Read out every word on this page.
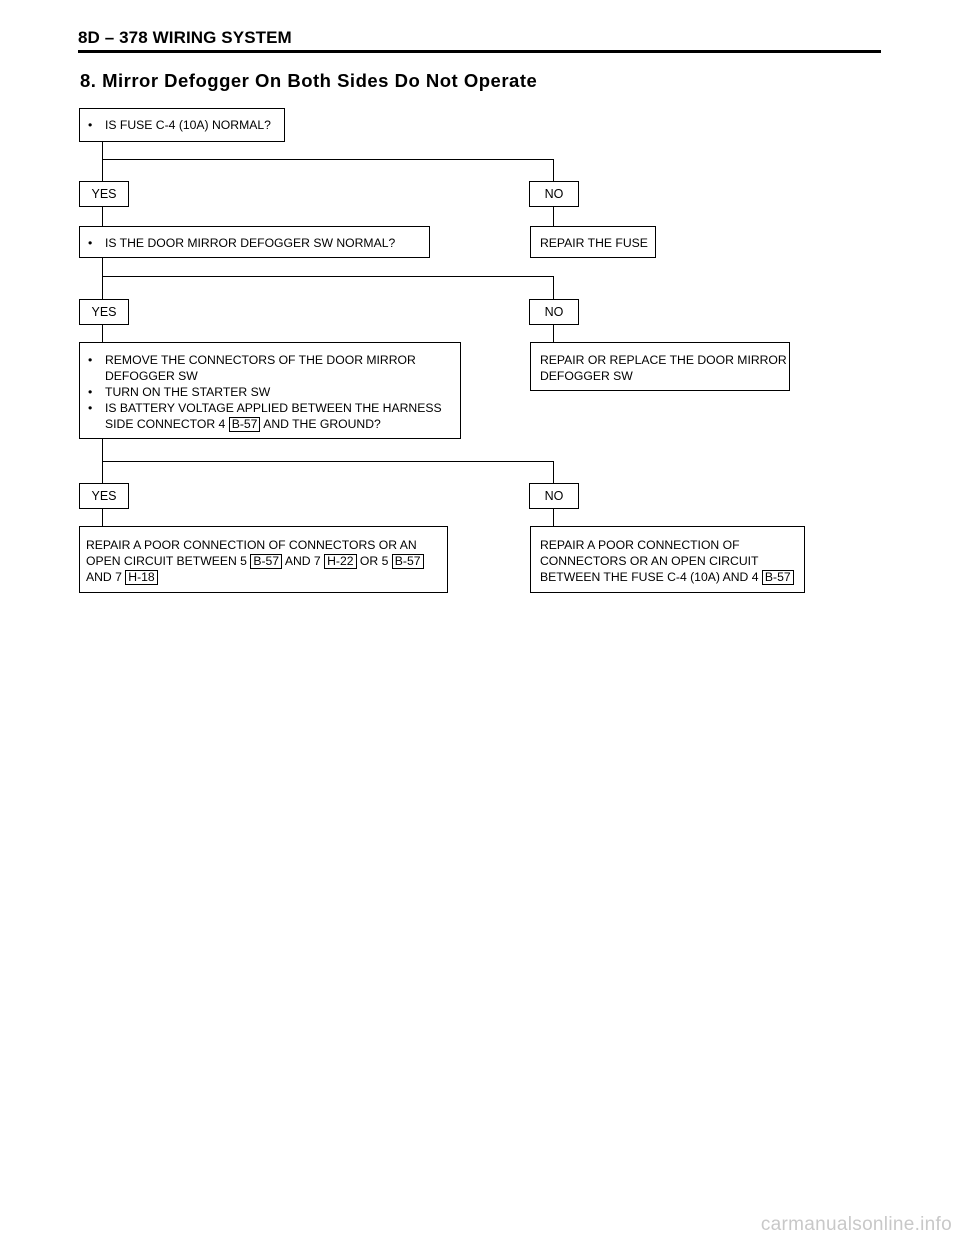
8D – 378 WIRING SYSTEM
8. Mirror Defogger On Both Sides Do Not Operate
• IS FUSE C-4 (10A) NORMAL?
YES	NO
• IS THE DOOR MIRROR DEFOGGER SW NORMAL?	REPAIR THE FUSE
YES	NO
• REMOVE THE CONNECTORS OF THE DOOR MIRROR
DEFOGGER SW
• TURN ON THE STARTER SW
• IS BATTERY VOLTAGE APPLIED BETWEEN THE HARNESS
SIDE CONNECTOR 4 B-57 AND THE GROUND?
REPAIR OR REPLACE THE DOOR MIRROR
DEFOGGER SW
YES	NO
REPAIR A POOR CONNECTION OF CONNECTORS OR AN
OPEN CIRCUIT BETWEEN 5 B-57 AND 7 H-22 OR 5 B-57
AND 7 H-18
REPAIR A POOR CONNECTION OF
CONNECTORS OR AN OPEN CIRCUIT
BETWEEN THE FUSE C-4 (10A) AND 4 B-57
carmanualsonline.info
